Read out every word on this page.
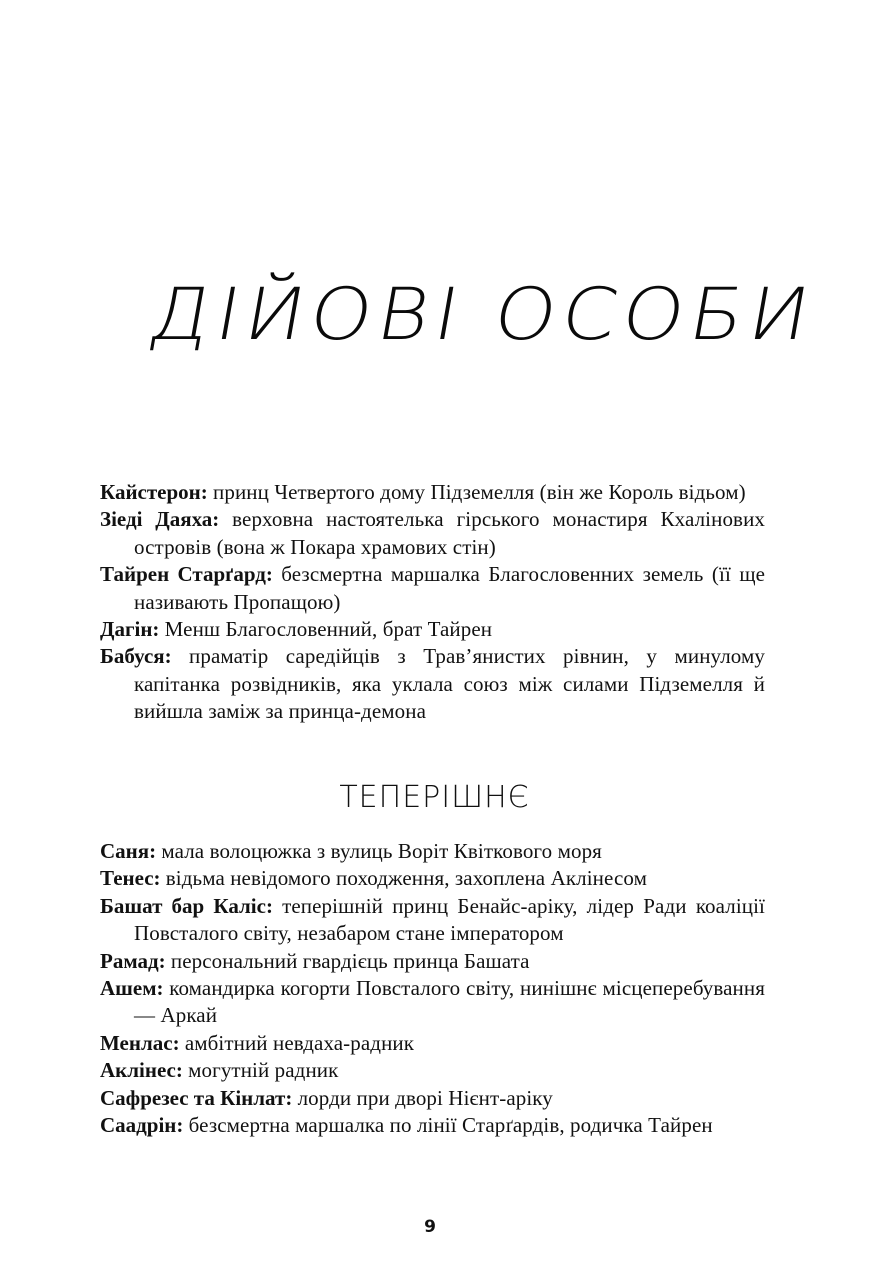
ДІЙОВІ ОСОБИ
Кайстерон: принц Четвертого дому Підземелля (він же Король відьом)
Зіеді Даяха: верховна настоятелька гірського монастиря Кхалінових островів (вона ж Покара храмових стін)
Тайрен Старґард: безсмертна маршалка Благословенних земель (її ще називають Пропащою)
Дагін: Менш Благословенний, брат Тайрен
Бабуся: праматір саредійців з Трав’янистих рівнин, у минулому капітанка розвідників, яка уклала союз між силами Підземелля й вийшла заміж за принца-демона
ТЕПЕРІШНЄ
Саня: мала волоцюжка з вулиць Воріт Квіткового моря
Тенес: відьма невідомого походження, захоплена Аклінесом
Башат бар Каліс: теперішній принц Бенайс-аріку, лідер Ради коаліції Повсталого світу, незабаром стане імператором
Рамад: персональний гвардієць принца Башата
Ашем: командирка когорти Повсталого світу, нинішнє місцеперебування — Аркай
Менлас: амбітний невдаха-радник
Аклінес: могутній радник
Сафрезес та Кінлат: лорди при дворі Нієнт-аріку
Саадрін: безсмертна маршалка по лінії Старґардів, родичка Тайрен
9
